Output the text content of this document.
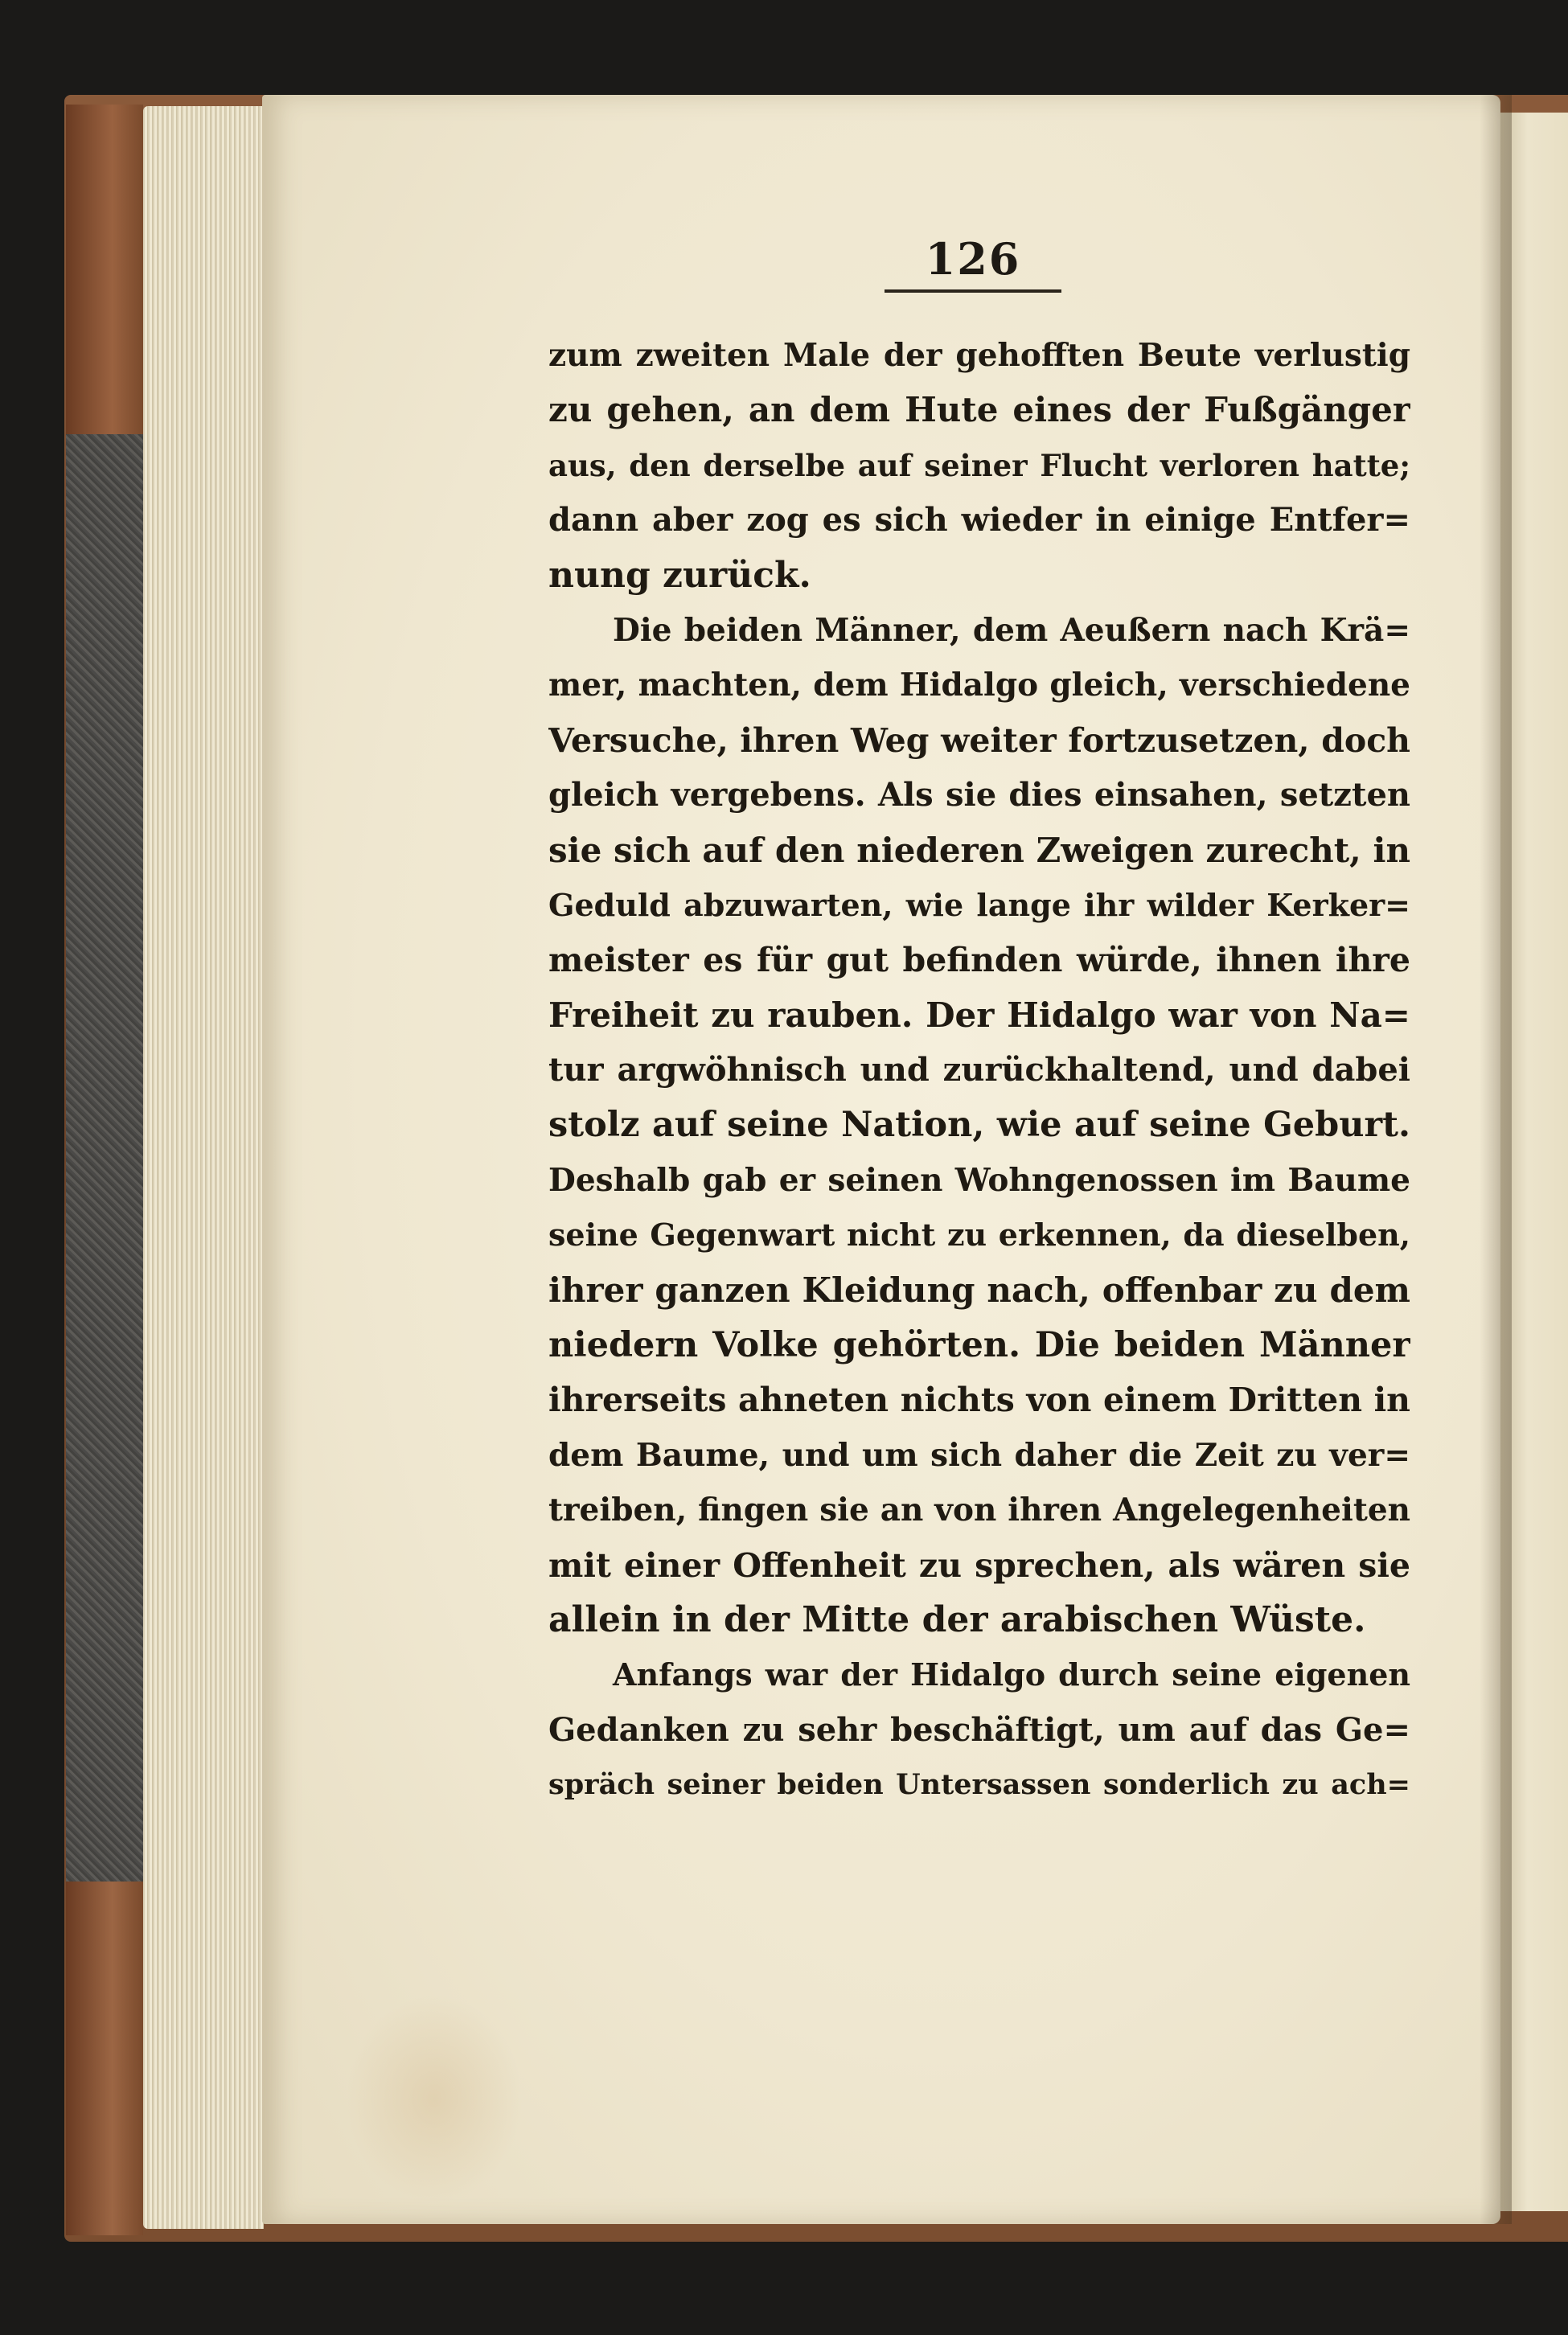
126
zum zweiten Male der gehofften Beute verlustig
zu gehen, an dem Hute eines der Fußgänger
aus, den derselbe auf seiner Flucht verloren hatte;
dann aber zog es sich wieder in einige Entfer=
nung zurück.
Die beiden Männer, dem Aeußern nach Krä=
mer, machten, dem Hidalgo gleich, verschiedene
Versuche, ihren Weg weiter fortzusetzen, doch
gleich vergebens. Als sie dies einsahen, setzten
sie sich auf den niederen Zweigen zurecht, in
Geduld abzuwarten, wie lange ihr wilder Kerker=
meister es für gut befinden würde, ihnen ihre
Freiheit zu rauben. Der Hidalgo war von Na=
tur argwöhnisch und zurückhaltend, und dabei
stolz auf seine Nation, wie auf seine Geburt.
Deshalb gab er seinen Wohngenossen im Baume
seine Gegenwart nicht zu erkennen, da dieselben,
ihrer ganzen Kleidung nach, offenbar zu dem
niedern Volke gehörten. Die beiden Männer
ihrerseits ahneten nichts von einem Dritten in
dem Baume, und um sich daher die Zeit zu ver=
treiben, fingen sie an von ihren Angelegenheiten
mit einer Offenheit zu sprechen, als wären sie
allein in der Mitte der arabischen Wüste.
Anfangs war der Hidalgo durch seine eigenen
Gedanken zu sehr beschäftigt, um auf das Ge=
spräch seiner beiden Untersassen sonderlich zu ach=
